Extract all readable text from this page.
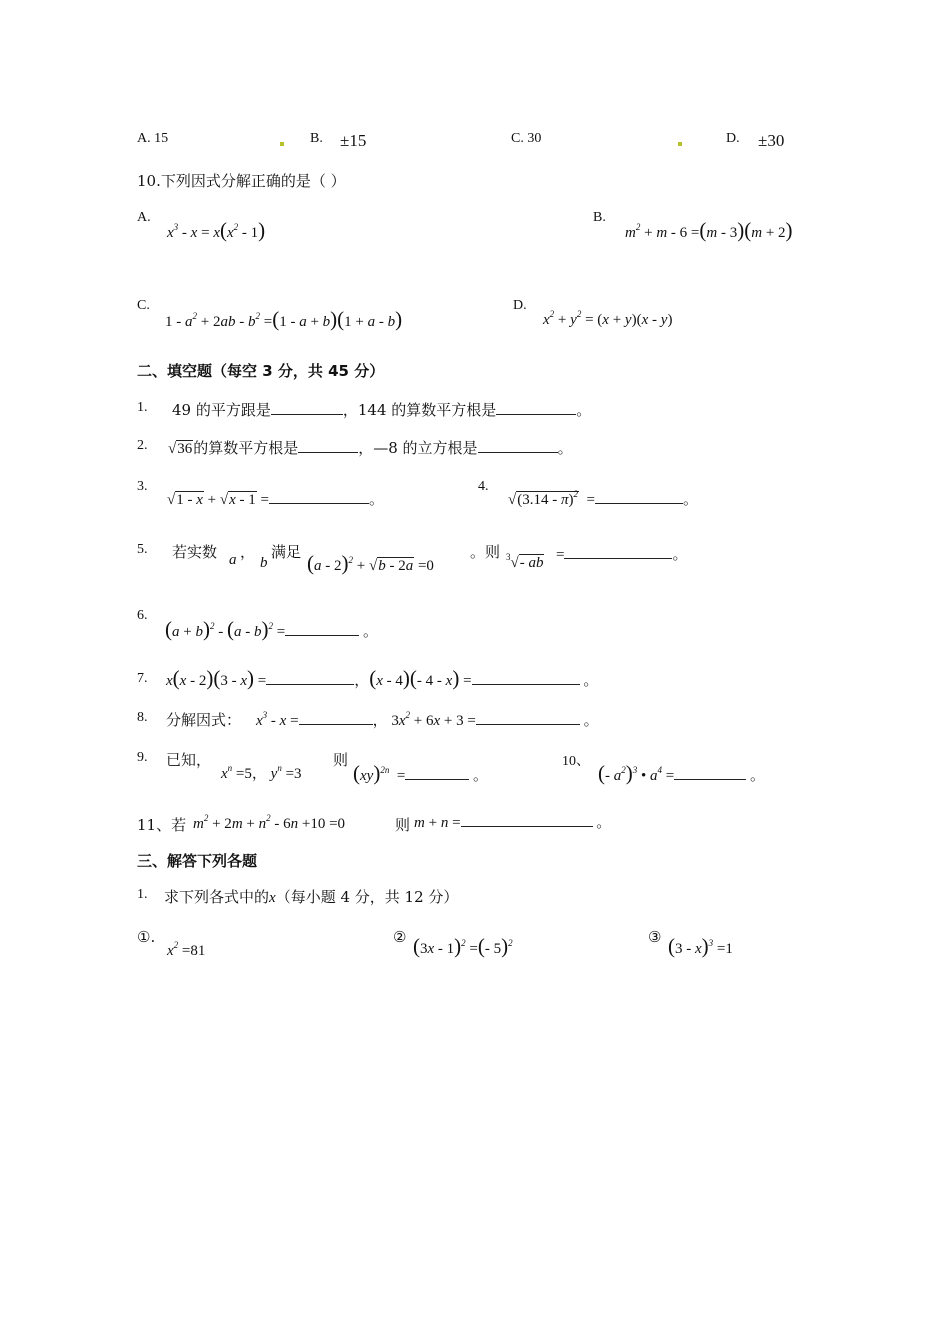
A. 15	B. ±15	C. 30	D. ±30
10.下列因式分解正确的是（ ）
A.
$x^3 - x = x(x^2 - 1)$
B.
$m^2 + m - 6 =(m - 3)(m + 2)$
C.
$1 - a^2 + 2ab - b^2 =(1 - a + b)(1 + a - b)$
D.
$x^2 + y^2 = (x + y)(x - y)$
二、填空题（每空 3 分，共 45 分）
1. 49 的平方跟是	，144 的算数平方根是	。
2. √36的算数平方根是	，—8 的立方根是	。
3.
√1 - x + √x - 1 =	。
4.
√(3.14 - π)$^2$ =	。
5. 若实数 a ，
b
满足 (a - 2)$^2$ + √b - 2a =0
。则 $^3$√- ab =	。
6.
$(a + b)^2 - (a - b)^2$ =	。
7. x(x - 2)(3 - x) =	，(x - 4)(- 4 - x) =	。
8. 分解因式： $x^3$ - x =	， $3x^2 + 6x + 3$ =	。
9. 已知，
$x^n =5$， $y^n =3$
则
(xy)$^{2n}$ =	。
10、 (- $a^2)^3$ • $a^4$ =	。
11、若 $m^2 + 2m + n^2 - 6n +10 =0$	则 m + n =	。
三、解答下列各题
1. 求下列各式中的x（每小题 4 分，共 12 分）
①.
$x^2 =81$
② (3x - 1)$^2$ =(- 5)$^2$	③ (3 - x)$^3$ =1
